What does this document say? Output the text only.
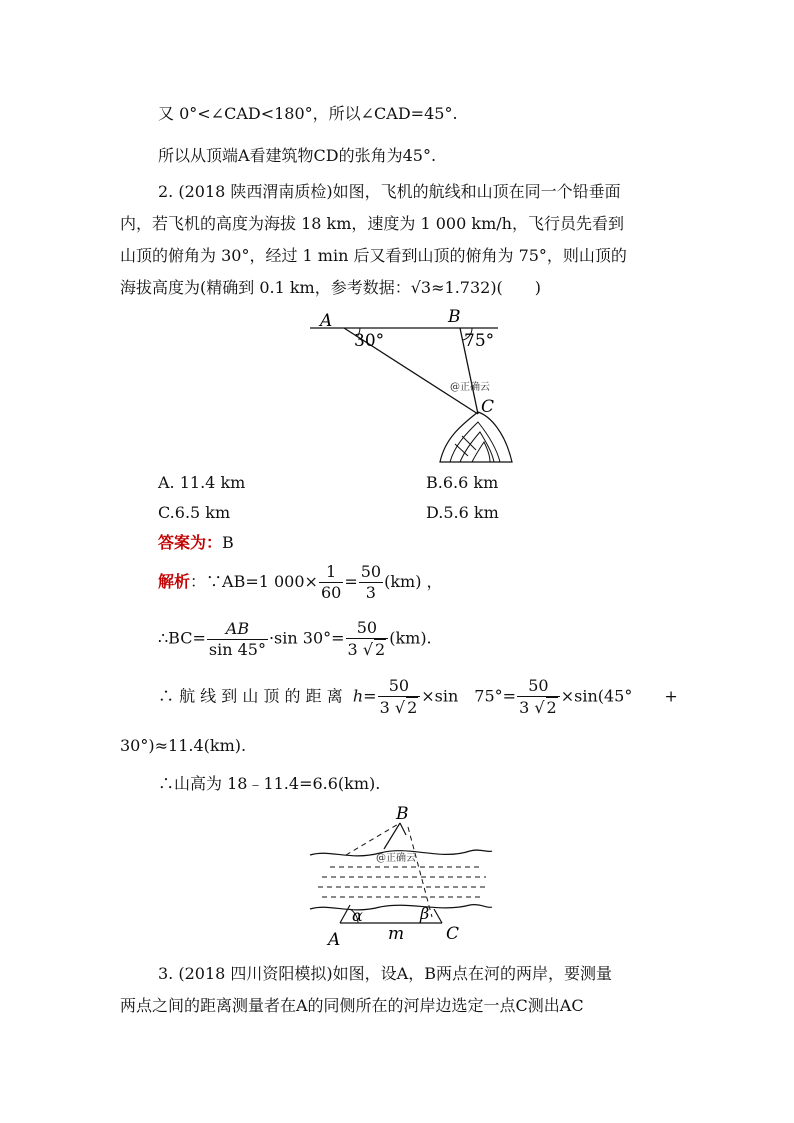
又 0°<∠CAD<180°，所以∠CAD=45°.
所以从顶端A看建筑物CD的张角为45°.
2. (2018 陕西渭南质检)如图，飞机的航线和山顶在同一个铅垂面
内，若飞机的高度为海拔 18 km，速度为 1 000 km/h，飞行员先看到
山顶的俯角为 30°，经过 1 min 后又看到山顶的俯角为 75°，则山顶的
海拔高度为(精确到 0.1 km，参考数据：√3≈1.732)(　　)
A	B
C
30°	75°
@正确云
A. 11.4 km	B.6.6 km
C.6.5 km	D.5.6 km
答案为：B
解析：∵AB=1 $000\times \frac{1}{60} = \frac{50}{3} (km)$ ，
∴BC= $\frac{AB}{\sin 45^\circ} \cdot\sin$ $30^\circ= \frac{50}{3 √ 2} (km)$.
∴ 航 线 到 山 顶 的 距 离 $h= \frac{50}{3 √ 2} \times\sin$　$75^\circ= \frac{50}{3 √ 2} \times\sin(45^\circ$　　+
30°)≈11.4(km).
∴山高为 18﹣11.4=6.6(km).
B
A	C
m
α	β
@正确云
3. (2018 四川资阳模拟)如图，设A，B两点在河的两岸，要测量
两点之间的距离测量者在A的同侧所在的河岸边选定一点C测出AC
